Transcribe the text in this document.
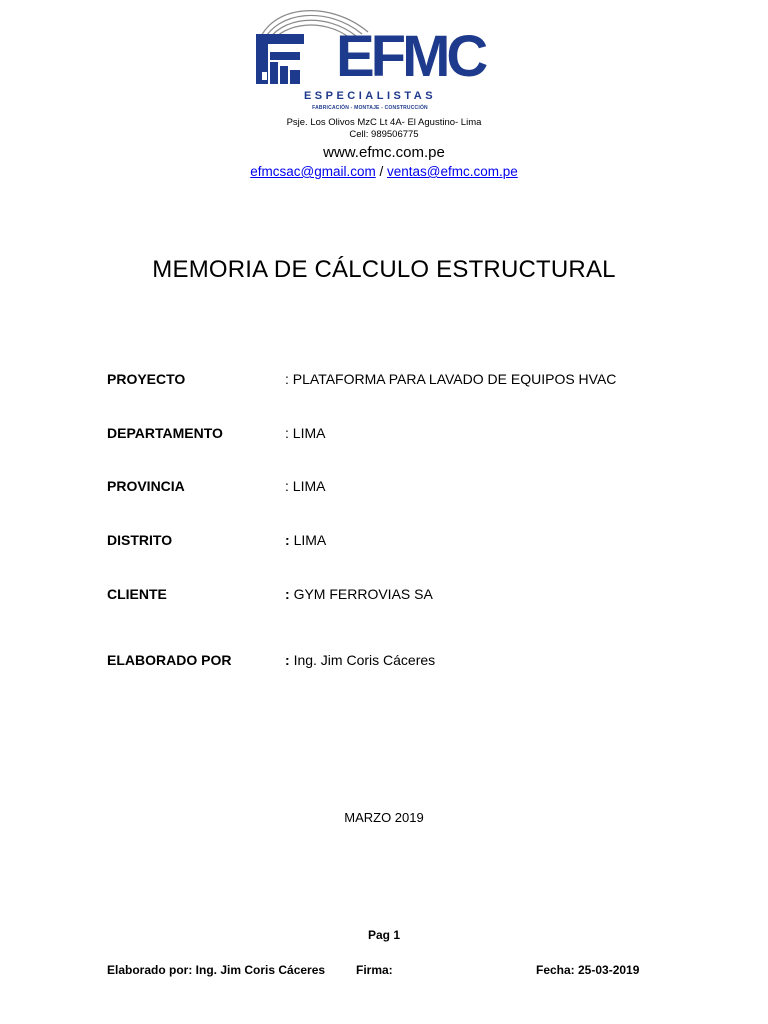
EFMC
ESPECIALISTAS
FABRICACIÓN - MONTAJE - CONSTRUCCIÓN
Psje. Los Olivos MzC Lt 4A- El Agustino- Lima
Cell: 989506775
www.efmc.com.pe
efmcsac@gmail.com / ventas@efmc.com.pe
MEMORIA DE CÁLCULO ESTRUCTURAL
PROYECTO	: PLATAFORMA PARA LAVADO DE EQUIPOS HVAC
DEPARTAMENTO	: LIMA
PROVINCIA	: LIMA
DISTRITO	: LIMA
CLIENTE	: GYM FERROVIAS SA
ELABORADO POR	: Ing. Jim Coris Cáceres
MARZO 2019
Pag 1
Elaborado por: Ing. Jim Coris Cáceres	Firma:	Fecha: 25-03-2019
